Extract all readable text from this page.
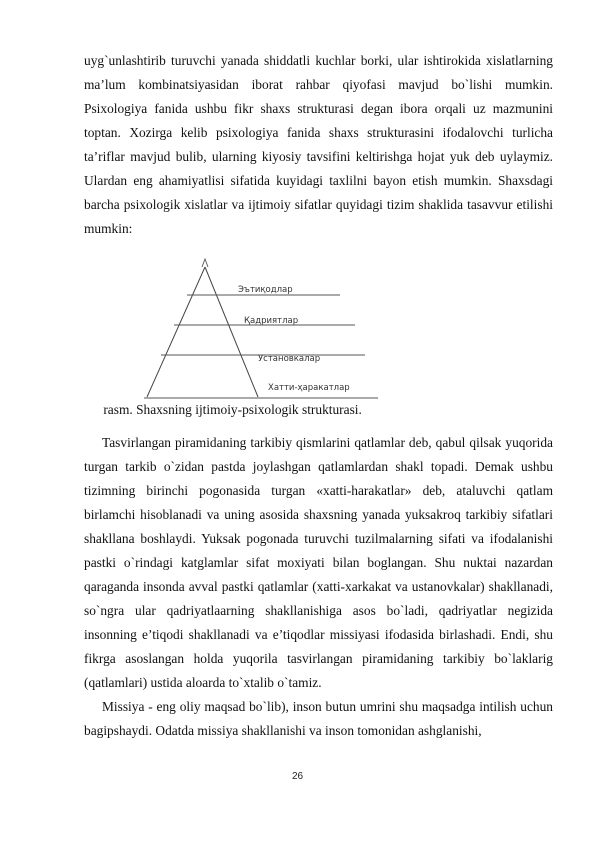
uyg`unlashtirib turuvchi yanada shiddatli kuchlar borki, ular ishtirokida xislatlarning ma’lum kombinatsiyasidan iborat rahbar qiyofasi mavjud bo`lishi mumkin. Psixologiya fanida ushbu fikr shaxs strukturasi degan ibora orqali uz mazmunini toptan. Xozirga kelib psixologiya fanida shaxs strukturasini ifodalovchi turlicha ta’riflar mavjud bulib, ularning kiyosiy tavsifini keltirishga hojat yuk deb uylaymiz. Ulardan eng ahamiyatlisi sifatida kuyidagi taxlilni bayon etish mumkin. Shaxsdagi barcha psixologik xislatlar va ijtimoiy sifatlar quyidagi tizim shaklida tasavvur etilishi mumkin:

Эътиқодлар
Қадриятлар
Установкалар
Хатти-ҳаракатлар
rasm. Shaxsning ijtimoiy-psixologik strukturasi.

Tasvirlangan piramidaning tarkibiy qismlarini qatlamlar deb, qabul qilsak yuqorida turgan tarkib o`zidan pastda joylashgan qatlamlardan shakl topadi. Demak ushbu tizimning birinchi pogonasida turgan «xatti-harakatlar» deb, ataluvchi qatlam birlamchi hisoblanadi va uning asosida shaxsning yanada yuksakroq tarkibiy sifatlari shakllana boshlaydi. Yuksak pogonada turuvchi tuzilmalarning sifati va ifodalanishi pastki o`rindagi katglamlar sifat moxiyati bilan boglangan. Shu nuktai nazardan qaraganda insonda avval pastki qatlamlar (xatti-xarkakat va ustanovkalar) shakllanadi, so`ngra ular qadriyatlaarning shakllanishiga asos bo`ladi, qadriyatlar negizida insonning e’tiqodi shakllanadi va e’tiqodlar missiyasi ifodasida birlashadi. Endi, shu fikrga asoslangan holda yuqorila tasvirlangan piramidaning tarkibiy bo`laklarig (qatlamlari) ustida aloarda to`xtalib o`tamiz.

Missiya - eng oliy maqsad bo`lib), inson butun umrini shu maqsadga intilish uchun bagipshaydi. Odatda missiya shakllanishi va inson tomonidan ashglanishi,

26
